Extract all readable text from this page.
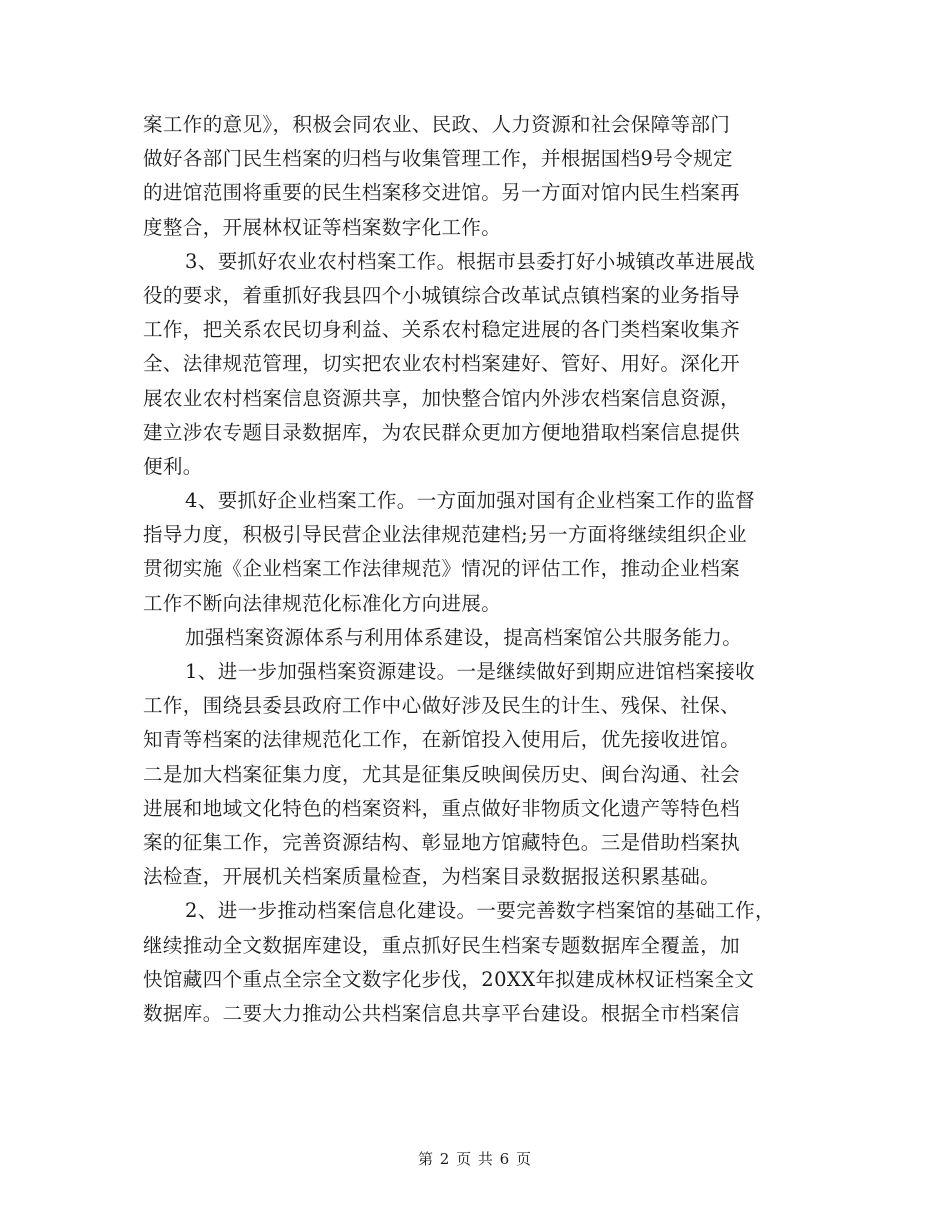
案工作的意见》，积极会同农业、民政、人力资源和社会保障等部门
做好各部门民生档案的归档与收集管理工作，并根据国档9号令规定
的进馆范围将重要的民生档案移交进馆。另一方面对馆内民生档案再
度整合，开展林权证等档案数字化工作。
3、要抓好农业农村档案工作。根据市县委打好小城镇改革进展战
役的要求，着重抓好我县四个小城镇综合改革试点镇档案的业务指导
工作，把关系农民切身利益、关系农村稳定进展的各门类档案收集齐
全、法律规范管理，切实把农业农村档案建好、管好、用好。深化开
展农业农村档案信息资源共享，加快整合馆内外涉农档案信息资源，
建立涉农专题目录数据库，为农民群众更加方便地猎取档案信息提供
便利。
4、要抓好企业档案工作。一方面加强对国有企业档案工作的监督
指导力度，积极引导民营企业法律规范建档;另一方面将继续组织企业
贯彻实施《企业档案工作法律规范》情况的评估工作，推动企业档案
工作不断向法律规范化标准化方向进展。
加强档案资源体系与利用体系建设，提高档案馆公共服务能力。
1、进一步加强档案资源建设。一是继续做好到期应进馆档案接收
工作，围绕县委县政府工作中心做好涉及民生的计生、残保、社保、
知青等档案的法律规范化工作，在新馆投入使用后，优先接收进馆。
二是加大档案征集力度，尤其是征集反映闽侯历史、闽台沟通、社会
进展和地域文化特色的档案资料，重点做好非物质文化遗产等特色档
案的征集工作，完善资源结构、彰显地方馆藏特色。三是借助档案执
法检查，开展机关档案质量检查，为档案目录数据报送积累基础。
2、进一步推动档案信息化建设。一要完善数字档案馆的基础工作，
继续推动全文数据库建设，重点抓好民生档案专题数据库全覆盖，加
快馆藏四个重点全宗全文数字化步伐，20XX年拟建成林权证档案全文
数据库。二要大力推动公共档案信息共享平台建设。根据全市档案信
第 2 页 共 6 页
